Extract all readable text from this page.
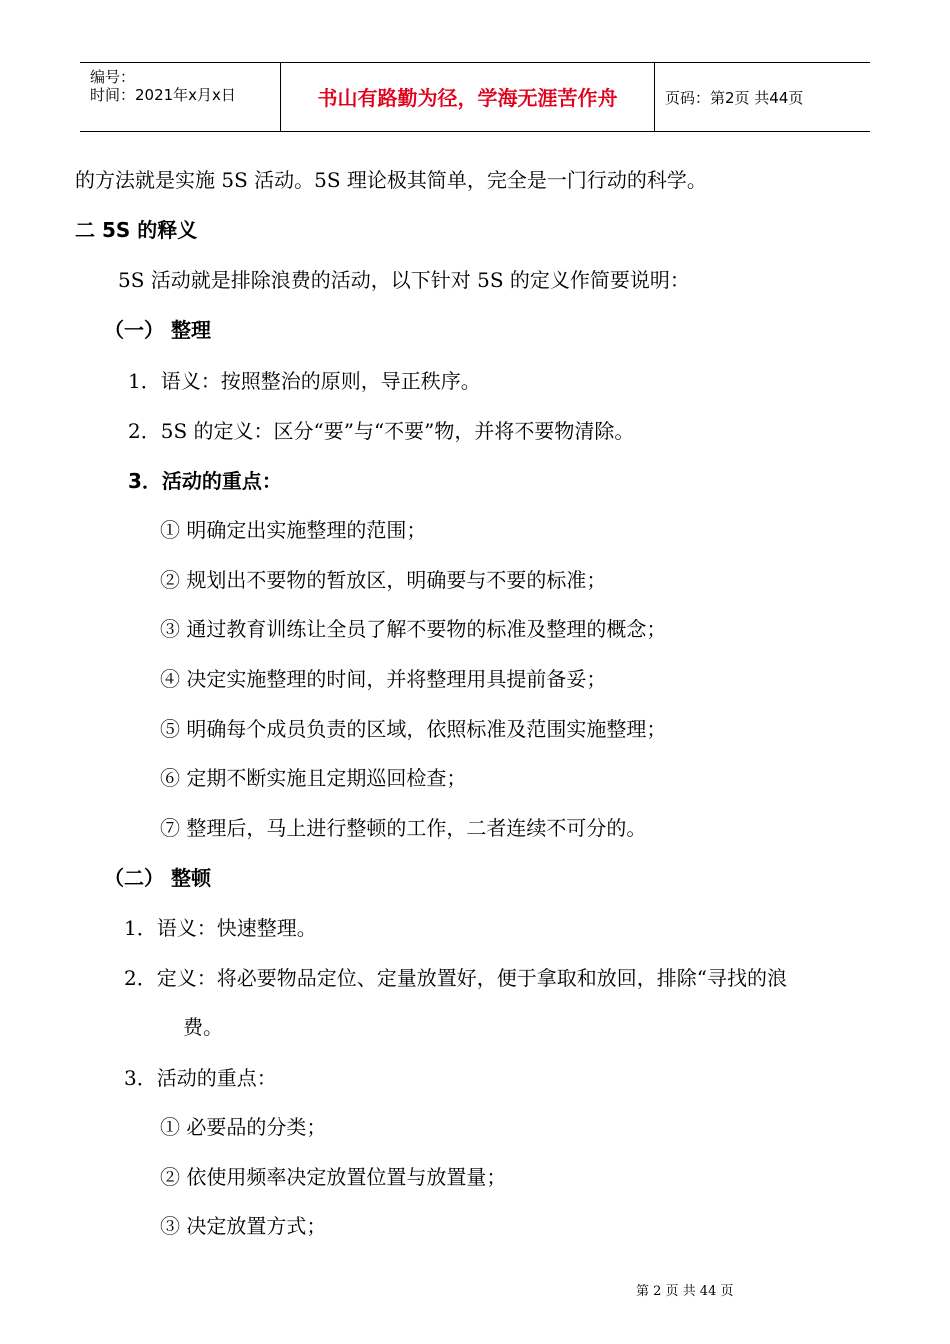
编号：
时间：2021年x月x日	书山有路勤为径，学海无涯苦作舟	页码：第2页 共44页
的方法就是实施 5S 活动。5S 理论极其简单，完全是一门行动的科学。
二 5S 的释义
5S 活动就是排除浪费的活动，以下针对 5S 的定义作简要说明：
（一） 整理
1．语义：按照整治的原则，导正秩序。
2．5S 的定义：区分“要”与“不要”物，并将不要物清除。
3．活动的重点：
① 明确定出实施整理的范围；
② 规划出不要物的暂放区，明确要与不要的标准；
③ 通过教育训练让全员了解不要物的标准及整理的概念；
④ 决定实施整理的时间，并将整理用具提前备妥；
⑤ 明确每个成员负责的区域，依照标准及范围实施整理；
⑥ 定期不断实施且定期巡回检查；
⑦ 整理后，马上进行整顿的工作，二者连续不可分的。
（二） 整顿
1．语义：快速整理。
2．定义：将必要物品定位、定量放置好，便于拿取和放回，排除“寻找的浪
费。
3．活动的重点：
① 必要品的分类；
② 依使用频率决定放置位置与放置量；
③ 决定放置方式；
第 2 页 共 44 页
